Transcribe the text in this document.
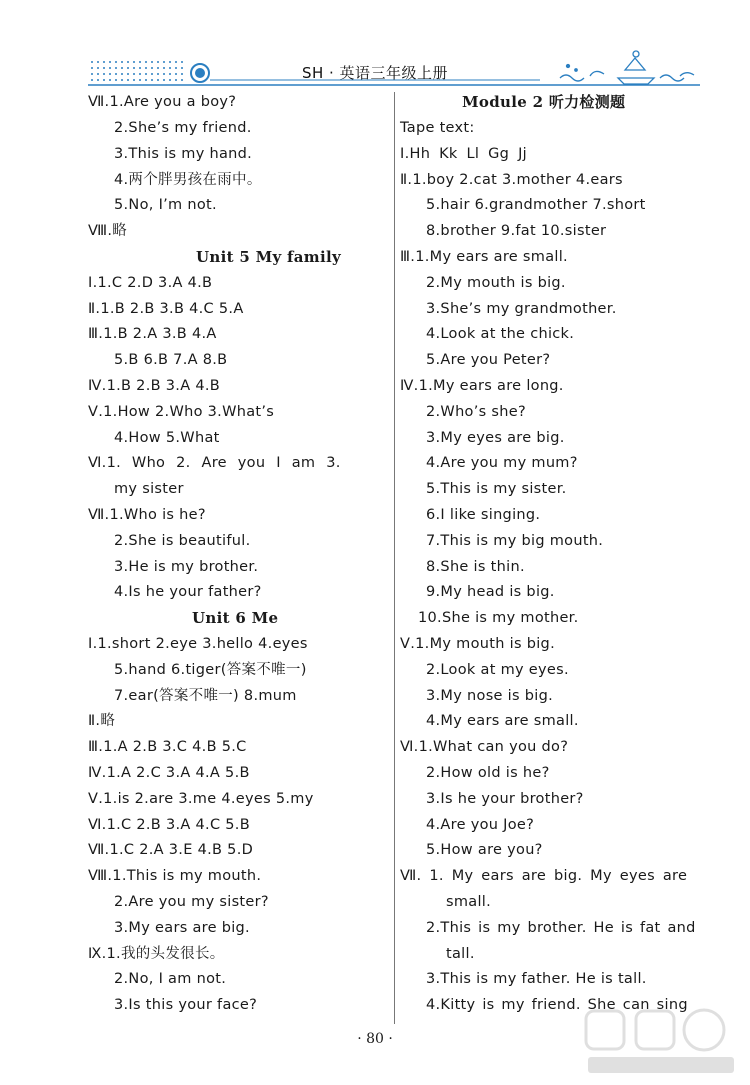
SH · 英语三年级上册
Ⅶ.1.Are you a boy?
2.She’s my friend.
3.This is my hand.
4.两个胖男孩在雨中。
5.No, I’m not.
Ⅷ.略
Unit 5 My family
Ⅰ.1.C 2.D 3.A 4.B
Ⅱ.1.B 2.B 3.B 4.C 5.A
Ⅲ.1.B 2.A 3.B 4.A
5.B 6.B 7.A 8.B
Ⅳ.1.B 2.B 3.A 4.B
Ⅴ.1.How 2.Who 3.What’s
4.How 5.What
Ⅵ.1. Who 2. Are you I am 3.
my sister
Ⅶ.1.Who is he?
2.She is beautiful.
3.He is my brother.
4.Is he your father?
Unit 6 Me
Ⅰ.1.short 2.eye 3.hello 4.eyes
5.hand 6.tiger(答案不唯一)
7.ear(答案不唯一) 8.mum
Ⅱ.略
Ⅲ.1.A 2.B 3.C 4.B 5.C
Ⅳ.1.A 2.C 3.A 4.A 5.B
Ⅴ.1.is 2.are 3.me 4.eyes 5.my
Ⅵ.1.C 2.B 3.A 4.C 5.B
Ⅶ.1.C 2.A 3.E 4.B 5.D
Ⅷ.1.This is my mouth.
2.Are you my sister?
3.My ears are big.
Ⅸ.1.我的头发很长。
2.No, I am not.
3.Is this your face?
Module 2 听力检测题
Tape text:
Ⅰ.Hh Kk Ll Gg Jj
Ⅱ.1.boy 2.cat 3.mother 4.ears
5.hair 6.grandmother 7.short
8.brother 9.fat 10.sister
Ⅲ.1.My ears are small.
2.My mouth is big.
3.She’s my grandmother.
4.Look at the chick.
5.Are you Peter?
Ⅳ.1.My ears are long.
2.Who’s she?
3.My eyes are big.
4.Are you my mum?
5.This is my sister.
6.I like singing.
7.This is my big mouth.
8.She is thin.
9.My head is big.
10.She is my mother.
Ⅴ.1.My mouth is big.
2.Look at my eyes.
3.My nose is big.
4.My ears are small.
Ⅵ.1.What can you do?
2.How old is he?
3.Is he your brother?
4.Are you Joe?
5.How are you?
Ⅶ. 1. My ears are big. My eyes are
small.
2.This is my brother. He is fat and
tall.
3.This is my father. He is tall.
4.Kitty is my friend. She can sing
· 80 ·
